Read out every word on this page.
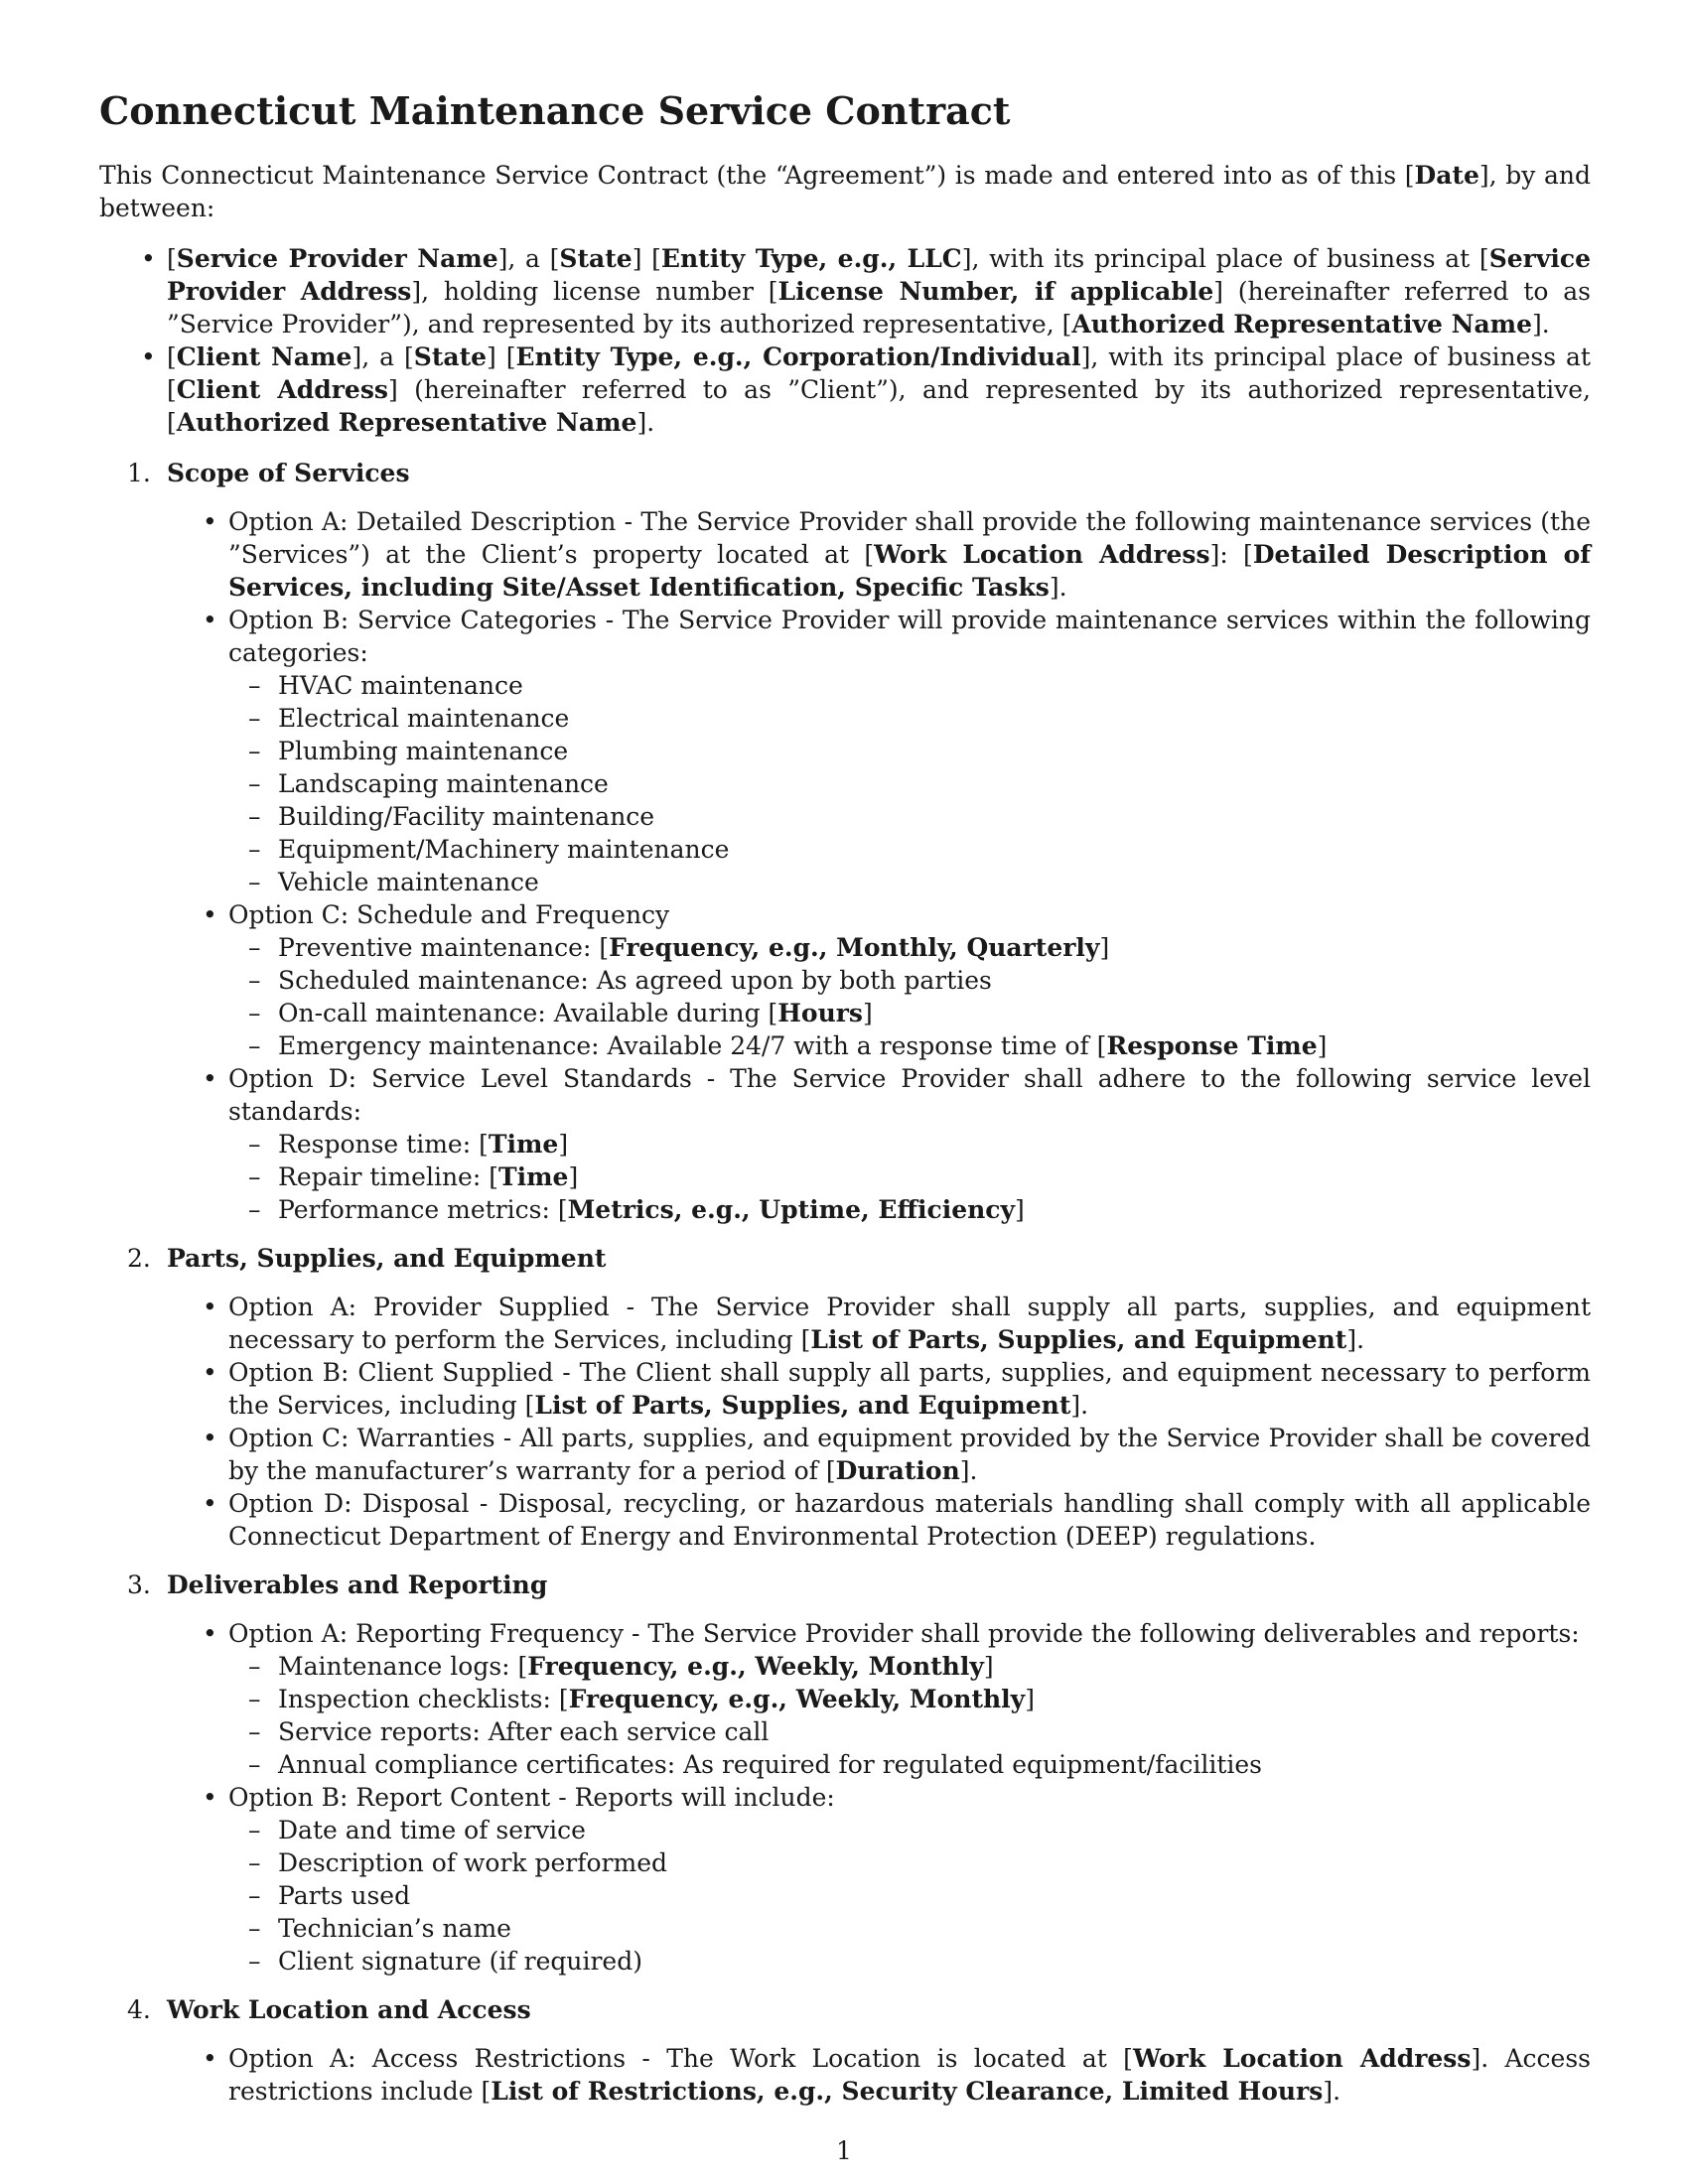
Connecticut Maintenance Service Contract

This Connecticut Maintenance Service Contract (the “Agreement”) is made and entered into as of this [Date], by and between:

• [Service Provider Name], a [State] [Entity Type, e.g., LLC], with its principal place of business at [Service Provider Address], holding license number [License Number, if applicable] (hereinafter referred to as ”Service Provider”), and represented by its authorized representative, [Authorized Representative Name].
• [Client Name], a [State] [Entity Type, e.g., Corporation/Individual], with its principal place of business at [Client Address] (hereinafter referred to as ”Client”), and represented by its authorized representative, [Authorized Representative Name].
1. Scope of Services
• Option A: Detailed Description - The Service Provider shall provide the following maintenance services (the ”Services”) at the Client’s property located at [Work Location Address]: [Detailed Description of Services, including Site/Asset Identification, Specific Tasks].
• Option B: Service Categories - The Service Provider will provide maintenance services within the following categories:
– HVAC maintenance
– Electrical maintenance
– Plumbing maintenance
– Landscaping maintenance
– Building/Facility maintenance
– Equipment/Machinery maintenance
– Vehicle maintenance
• Option C: Schedule and Frequency
– Preventive maintenance: [Frequency, e.g., Monthly, Quarterly]
– Scheduled maintenance: As agreed upon by both parties
– On-call maintenance: Available during [Hours]
– Emergency maintenance: Available 24/7 with a response time of [Response Time]
• Option D: Service Level Standards - The Service Provider shall adhere to the following service level standards:
– Response time: [Time]
– Repair timeline: [Time]
– Performance metrics: [Metrics, e.g., Uptime, Efficiency]
2. Parts, Supplies, and Equipment
• Option A: Provider Supplied - The Service Provider shall supply all parts, supplies, and equipment necessary to perform the Services, including [List of Parts, Supplies, and Equipment].
• Option B: Client Supplied - The Client shall supply all parts, supplies, and equipment necessary to perform the Services, including [List of Parts, Supplies, and Equipment].
• Option C: Warranties - All parts, supplies, and equipment provided by the Service Provider shall be covered by the manufacturer’s warranty for a period of [Duration].
• Option D: Disposal - Disposal, recycling, or hazardous materials handling shall comply with all applicable Connecticut Department of Energy and Environmental Protection (DEEP) regulations.
3. Deliverables and Reporting
• Option A: Reporting Frequency - The Service Provider shall provide the following deliverables and reports:
– Maintenance logs: [Frequency, e.g., Weekly, Monthly]
– Inspection checklists: [Frequency, e.g., Weekly, Monthly]
– Service reports: After each service call
– Annual compliance certificates: As required for regulated equipment/facilities
• Option B: Report Content - Reports will include:
– Date and time of service
– Description of work performed
– Parts used
– Technician’s name
– Client signature (if required)
4. Work Location and Access
• Option A: Access Restrictions - The Work Location is located at [Work Location Address]. Access restrictions include [List of Restrictions, e.g., Security Clearance, Limited Hours].
1
